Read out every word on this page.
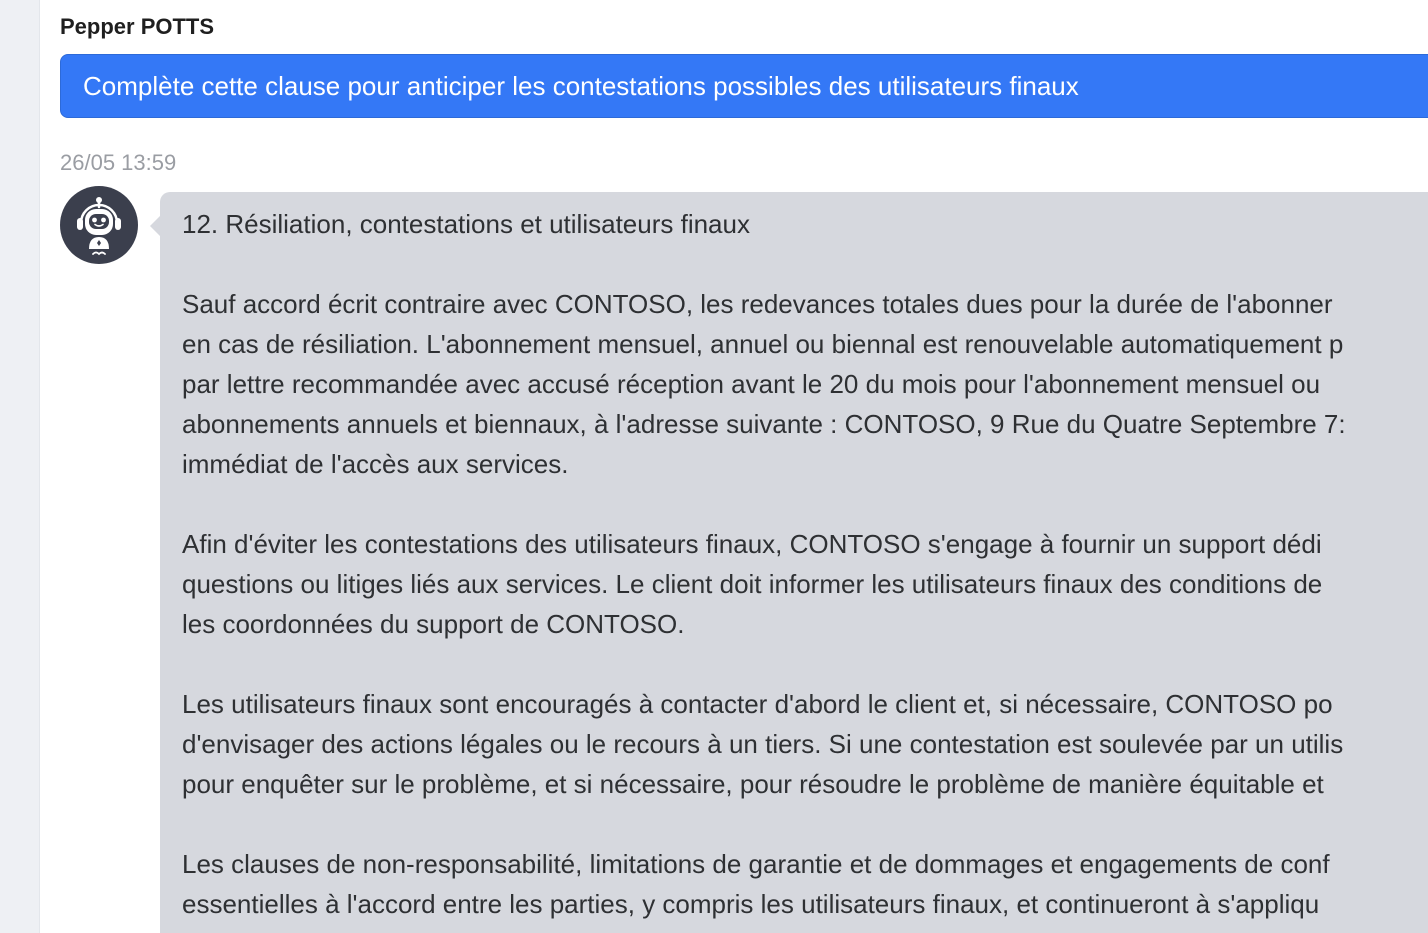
Pepper POTTS
Complète cette clause pour anticiper les contestations possibles des utilisateurs finaux
26/05 13:59
12. Résiliation, contestations et utilisateurs finaux
Sauf accord écrit contraire avec CONTOSO, les redevances totales dues pour la durée de l'abonner
en cas de résiliation. L'abonnement mensuel, annuel ou biennal est renouvelable automatiquement p
par lettre recommandée avec accusé réception avant le 20 du mois pour l'abonnement mensuel ou
abonnements annuels et biennaux, à l'adresse suivante : CONTOSO, 9 Rue du Quatre Septembre 7:
immédiat de l'accès aux services.
Afin d'éviter les contestations des utilisateurs finaux, CONTOSO s'engage à fournir un support dédi
questions ou litiges liés aux services. Le client doit informer les utilisateurs finaux des conditions de
les coordonnées du support de CONTOSO.
Les utilisateurs finaux sont encouragés à contacter d'abord le client et, si nécessaire, CONTOSO po
d'envisager des actions légales ou le recours à un tiers. Si une contestation est soulevée par un utilis
pour enquêter sur le problème, et si nécessaire, pour résoudre le problème de manière équitable et
Les clauses de non-responsabilité, limitations de garantie et de dommages et engagements de conf
essentielles à l'accord entre les parties, y compris les utilisateurs finaux, et continueront à s'appliqu
